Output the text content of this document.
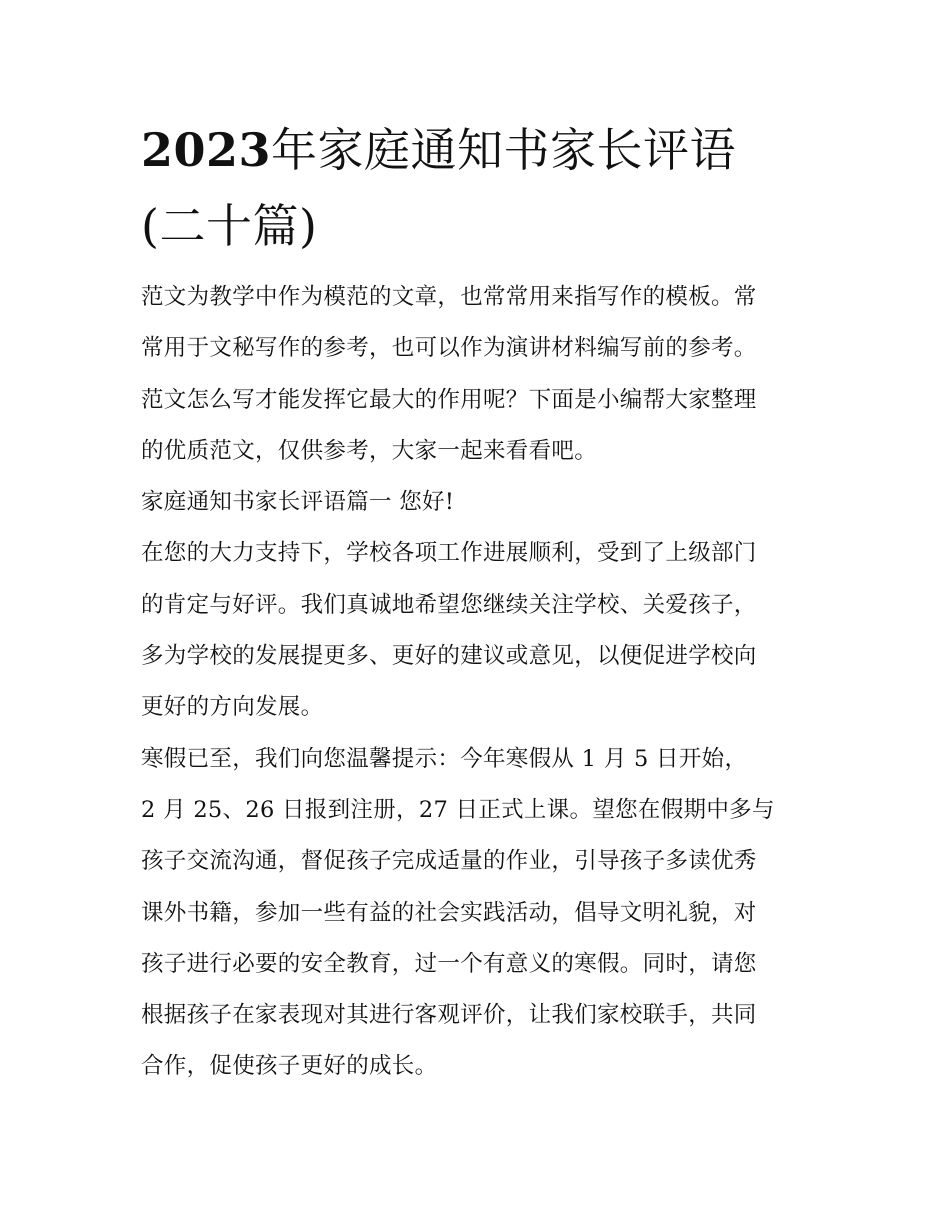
2023年家庭通知书家长评语
(二十篇)
范文为教学中作为模范的文章，也常常用来指写作的模板。常
常用于文秘写作的参考，也可以作为演讲材料编写前的参考。
范文怎么写才能发挥它最大的作用呢？下面是小编帮大家整理
的优质范文，仅供参考，大家一起来看看吧。
家庭通知书家长评语篇一 您好!
在您的大力支持下，学校各项工作进展顺利，受到了上级部门
的肯定与好评。我们真诚地希望您继续关注学校、关爱孩子，
多为学校的发展提更多、更好的建议或意见，以便促进学校向
更好的方向发展。
寒假已至，我们向您温馨提示：今年寒假从 1 月 5 日开始，
2 月 25、26 日报到注册，27 日正式上课。望您在假期中多与
孩子交流沟通，督促孩子完成适量的作业，引导孩子多读优秀
课外书籍，参加一些有益的社会实践活动，倡导文明礼貌，对
孩子进行必要的安全教育，过一个有意义的寒假。同时，请您
根据孩子在家表现对其进行客观评价，让我们家校联手，共同
合作，促使孩子更好的成长。
